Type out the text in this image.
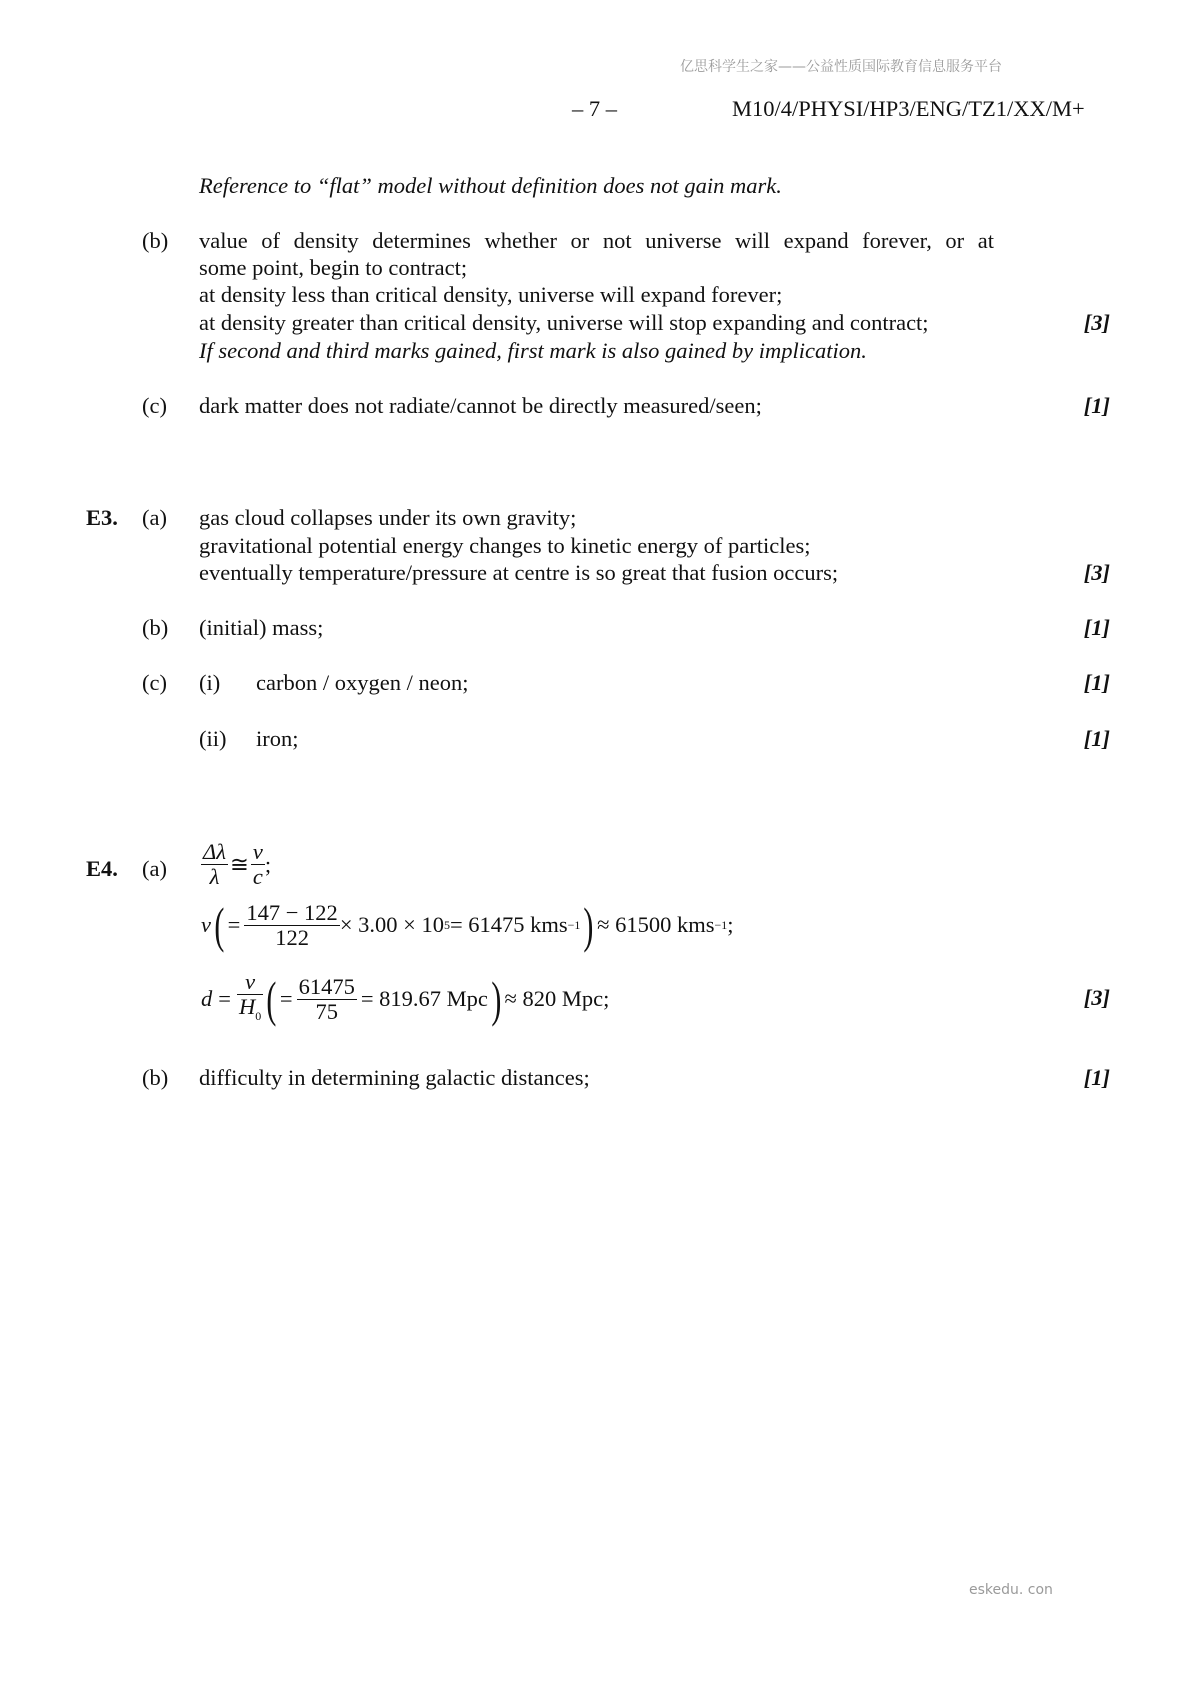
亿思科学生之家——公益性质国际教育信息服务平台
eskedu. con
– 7 –	M10/4/PHYSI/HP3/ENG/TZ1/XX/M+
Reference to “flat” model without definition does not gain mark.
(b) value of density determines whether or not universe will expand forever, or at
some point, begin to contract;
at density less than critical density, universe will expand forever;
at density greater than critical density, universe will stop expanding and contract;	[3]
If second and third marks gained, first mark is also gained by implication.
(c) dark matter does not radiate/cannot be directly measured/seen;	[1]
E3. (a) gas cloud collapses under its own gravity;
gravitational potential energy changes to kinetic energy of particles;
eventually temperature/pressure at centre is so great that fusion occurs;	[3]
(b) (initial) mass;	[1]
(c) (i) carbon / oxygen / neon;	[1]
(ii) iron;	[1]
E4. $(a) \frac{\Delta\lambda}{\lambda}$ ≅ $\frac{v}{c}$ ;
v ( = $\frac{147 - 122}{122} \times 3.00 \times 10$ 5 = 61475 kms −1 ) ≈ 61500 kms −1 ;
$d = \frac{v}{H_0}$ ( = $\frac{61475}{75} = 819.67$ Mpc ) ≈ 820 Mpc;	[3]
(b) difficulty in determining galactic distances;	[1]
